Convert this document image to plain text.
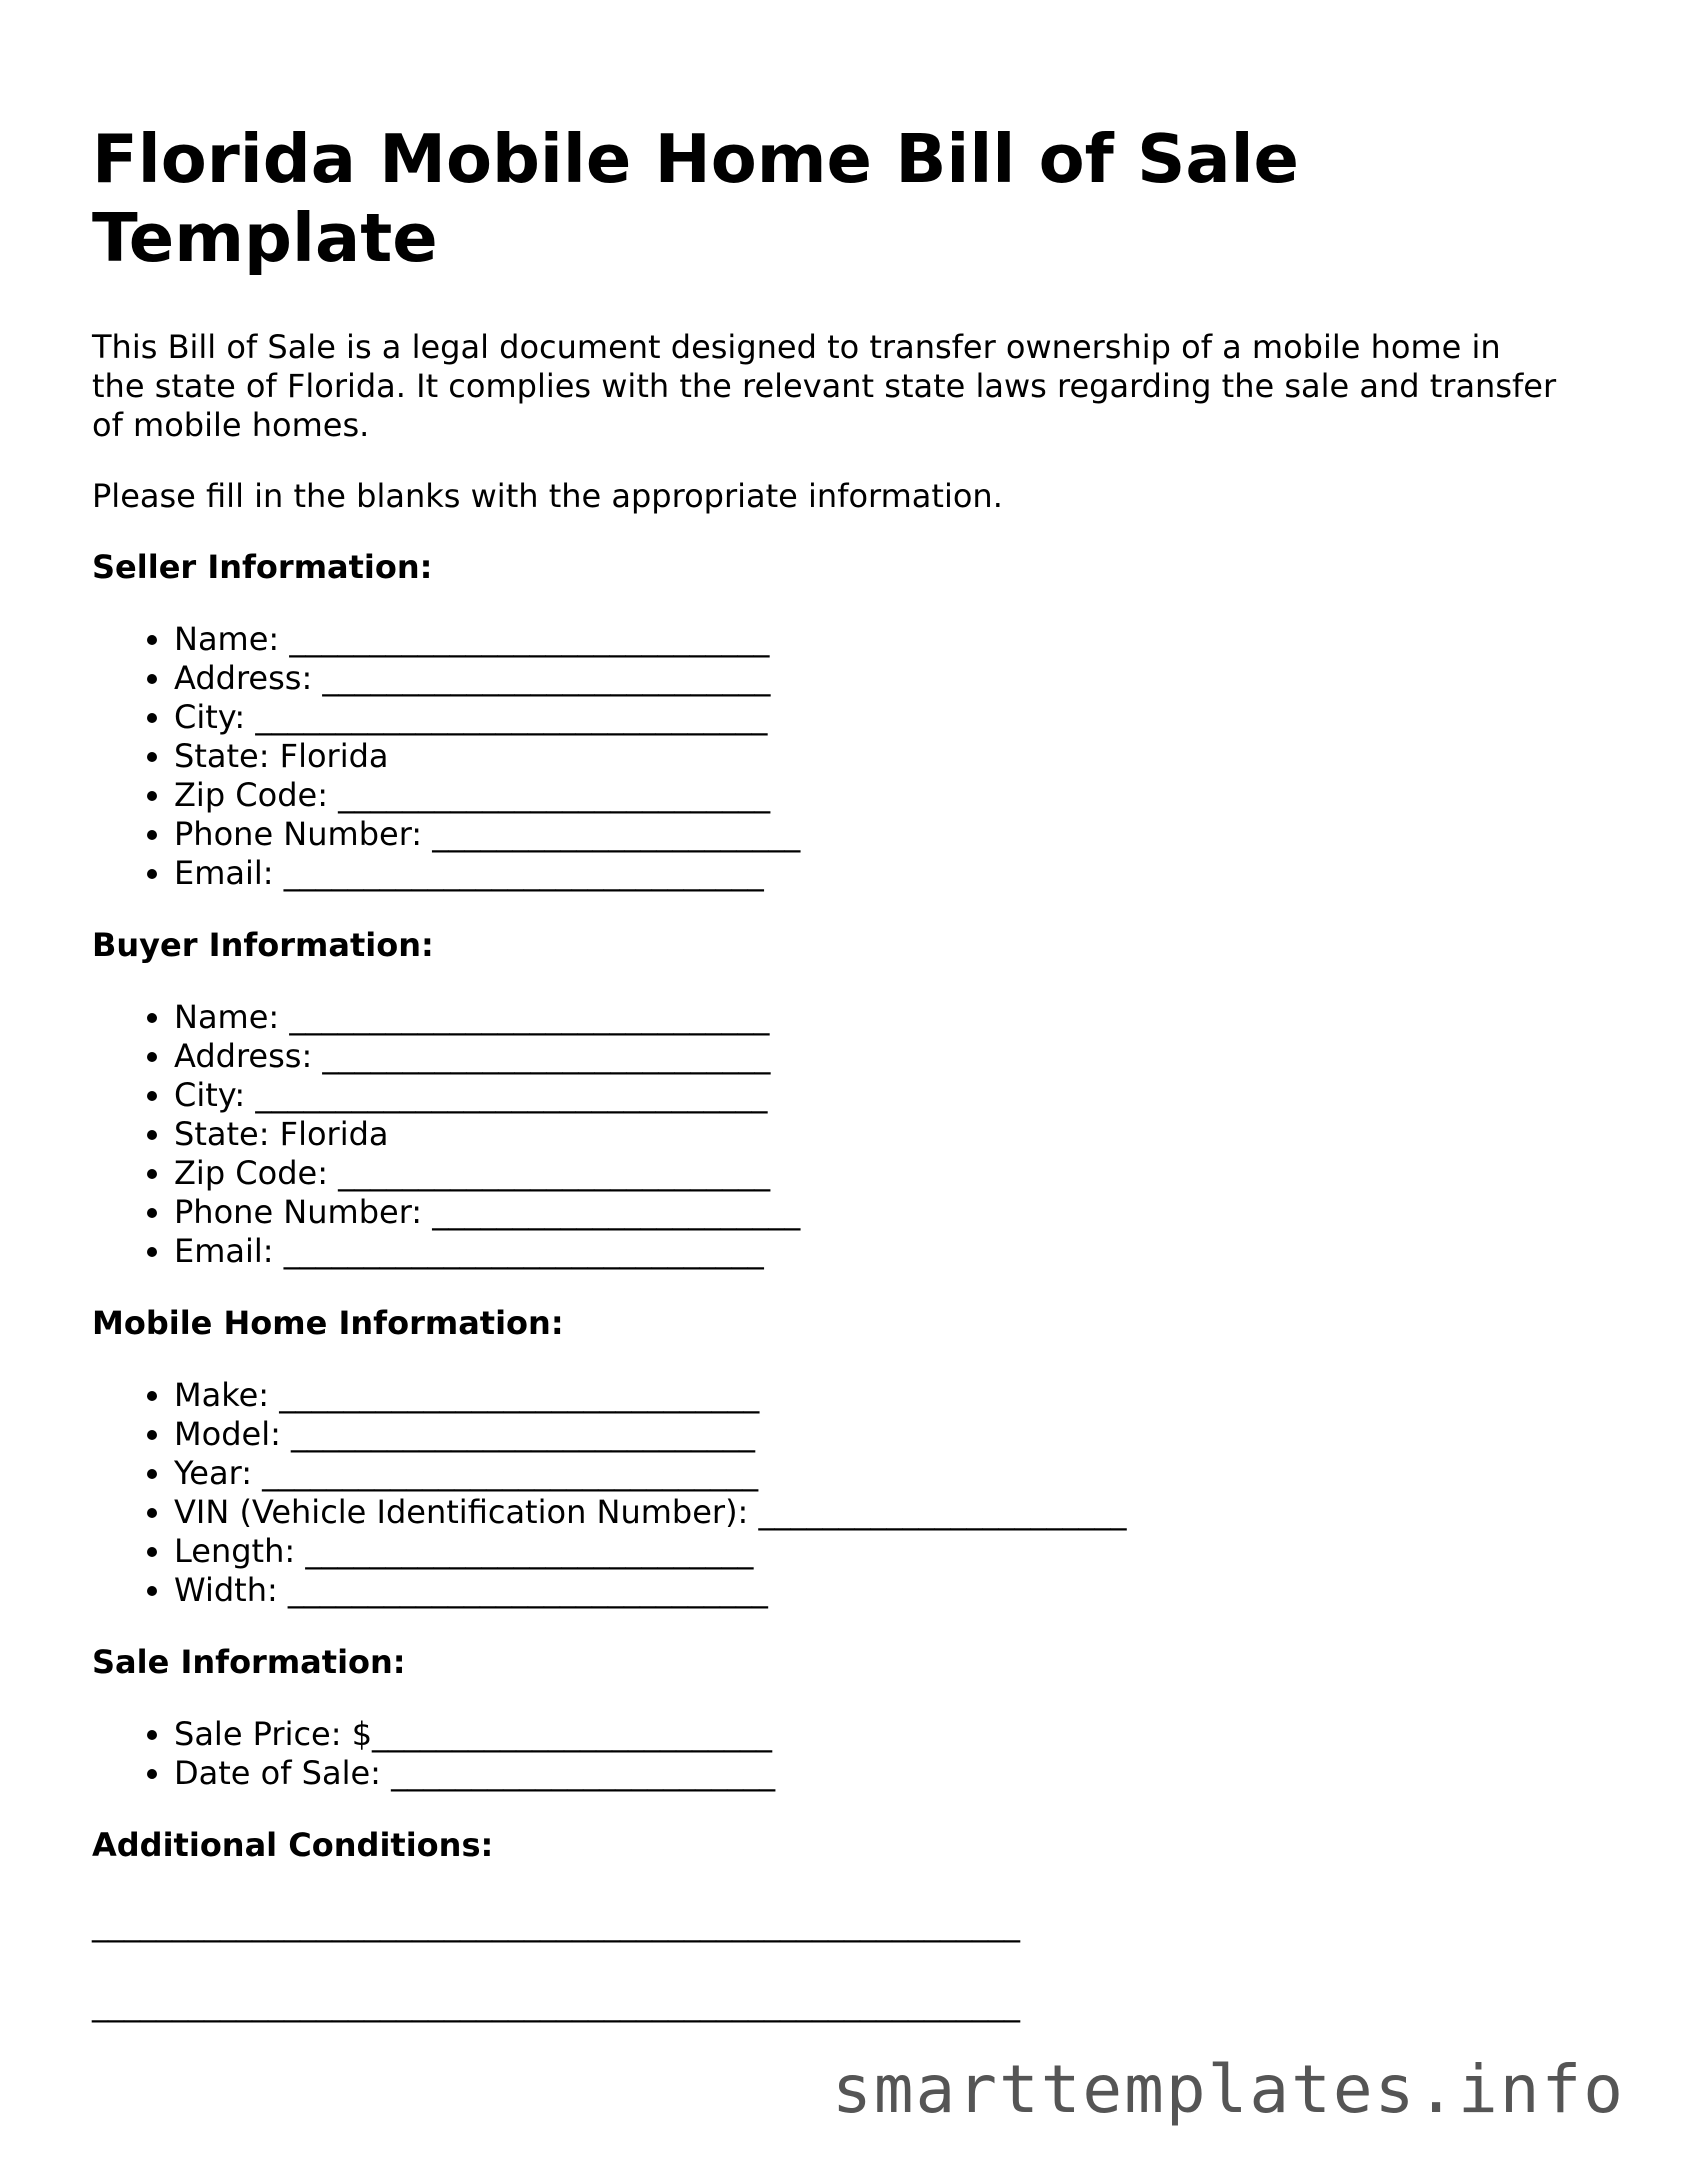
Florida Mobile Home Bill of Sale Template

This Bill of Sale is a legal document designed to transfer ownership of a mobile home in the state of Florida. It complies with the relevant state laws regarding the sale and transfer of mobile homes.

Please fill in the blanks with the appropriate information.

Seller Information:
• Name: ______________________________
• Address: ____________________________
• City: ________________________________
• State: Florida
• Zip Code: ___________________________
• Phone Number: _______________________
• Email: ______________________________
Buyer Information:
• Name: ______________________________
• Address: ____________________________
• City: ________________________________
• State: Florida
• Zip Code: ___________________________
• Phone Number: _______________________
• Email: ______________________________
Mobile Home Information:
• Make: ______________________________
• Model: _____________________________
• Year: _______________________________
• VIN (Vehicle Identification Number): _______________________
• Length: ____________________________
• Width: ______________________________
Sale Information:
• Sale Price: $_________________________
• Date of Sale: ________________________
Additional Conditions:
__________________________________________________________
__________________________________________________________
smarttemplates.info
